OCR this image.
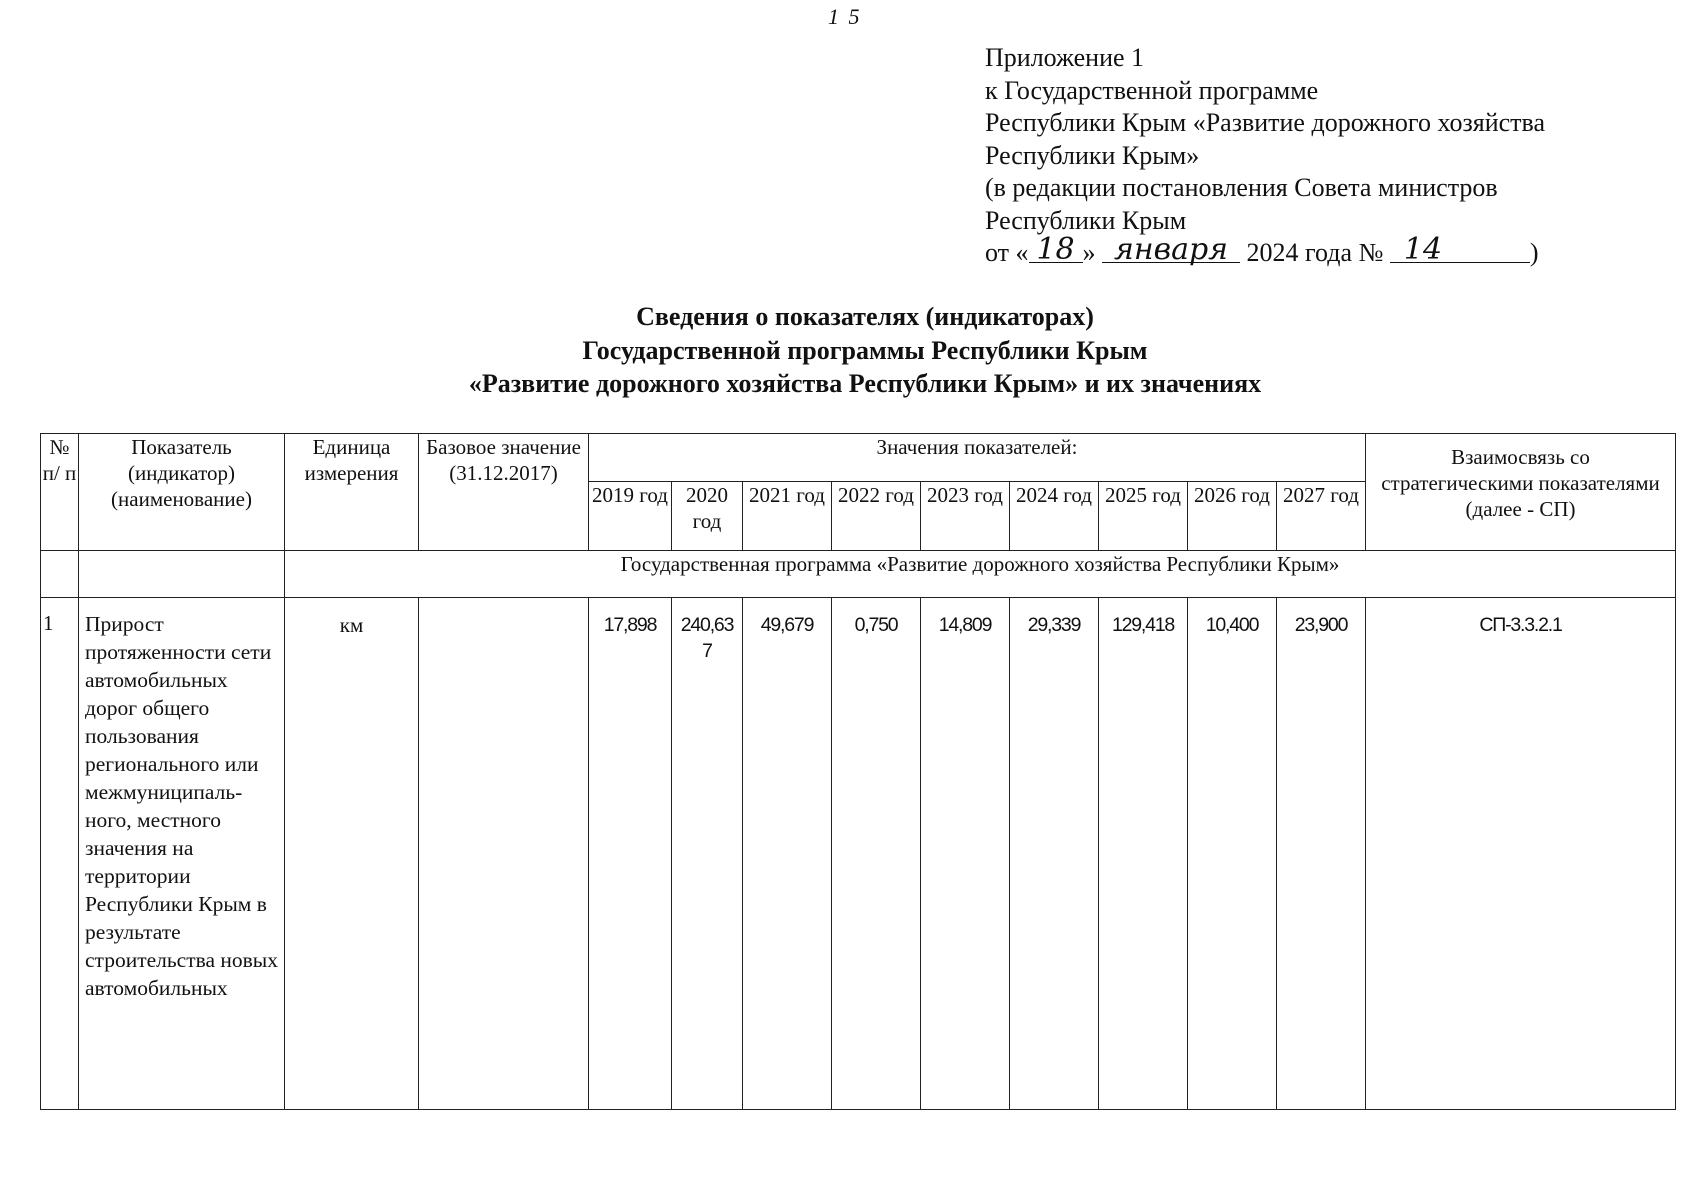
1 5
Приложение 1
к Государственной программе
Республики Крым «Развитие дорожного хозяйства
Республики Крым»
(в редакции постановления Совета министров
Республики Крым
от « 18 » января 2024 года № 14	)
Сведения о показателях (индикаторах)
Государственной программы Республики Крым
«Развитие дорожного хозяйства Республики Крым» и их значениях
№ п/ п	Показатель (индикатор) (наименование)	Единица измерения	Базовое значение (31.12.2017)	Значения показателей:									Взаимосвязь со стратегическими показателями (далее - СП)
				2019 год	2020 год	2021 год	2022 год	2023 год	2024 год	2025 год	2026 год	2027 год	
		Государственная программа «Развитие дорожного хозяйства Республики Крым»											
1	Прирост протяженности сети автомобильных дорог общего пользования регионального или межмуниципаль-ного, местного значения на территории Республики Крым в результате строительства новых автомобильных	км		17,898	240,637	49,679	0,750	14,809	29,339	129,418	10,400	23,900	СП-3.3.2.1
